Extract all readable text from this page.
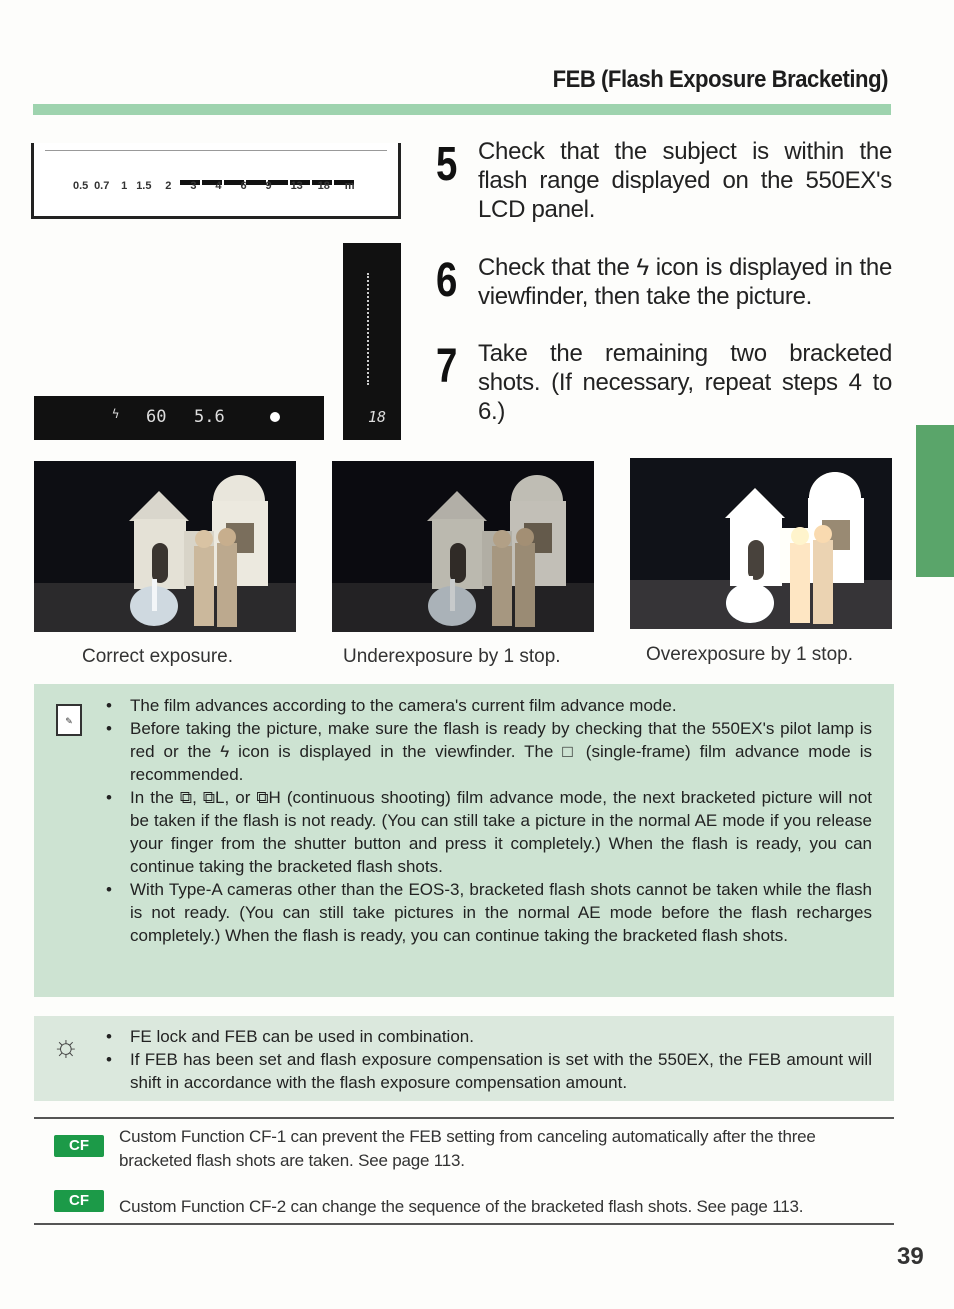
FEB (Flash Exposure Bracketing)
0.5 0.7 1 1.5 2 3 4 6 9 13 18 m
ϟ 60 5.6	18
5 Check that the subject is within the flash range displayed on the 550EX's LCD panel.
6 Check that the ϟ icon is displayed in the viewfinder, then take the picture.
7 Take the remaining two bracketed shots. (If necessary, repeat steps 4 to 6.)
Correct exposure.	Underexposure by 1 stop.	Overexposure by 1 stop.
✎
• The film advances according to the camera's current film advance mode.
• Before taking the picture, make sure the flash is ready by checking that the 550EX's pilot lamp is red or the ϟ icon is displayed in the viewfinder. The □ (single-frame) film advance mode is recommended.
• In the ⧉, ⧉L, or ⧉H (continuous shooting) film advance mode, the next bracketed picture will not be taken if the flash is not ready. (You can still take a picture in the normal AE mode if you release your finger from the shutter button and press it completely.) When the flash is ready, you can continue taking the bracketed flash shots.
• With Type-A cameras other than the EOS-3, bracketed flash shots cannot be taken while the flash is not ready. (You can still take pictures in the normal AE mode before the flash recharges completely.) When the flash is ready, you can continue taking the bracketed flash shots.
☼
•	FE lock and FEB can be used in combination.
• If FEB has been set and flash exposure compensation is set with the 550EX, the FEB amount will shift in accordance with the flash exposure compensation amount.
CF	Custom Function CF-1 can prevent the FEB setting from canceling automatically after the three bracketed flash shots are taken. See page 113.
CF	Custom Function CF-2 can change the sequence of the bracketed flash shots. See page 113.
39
